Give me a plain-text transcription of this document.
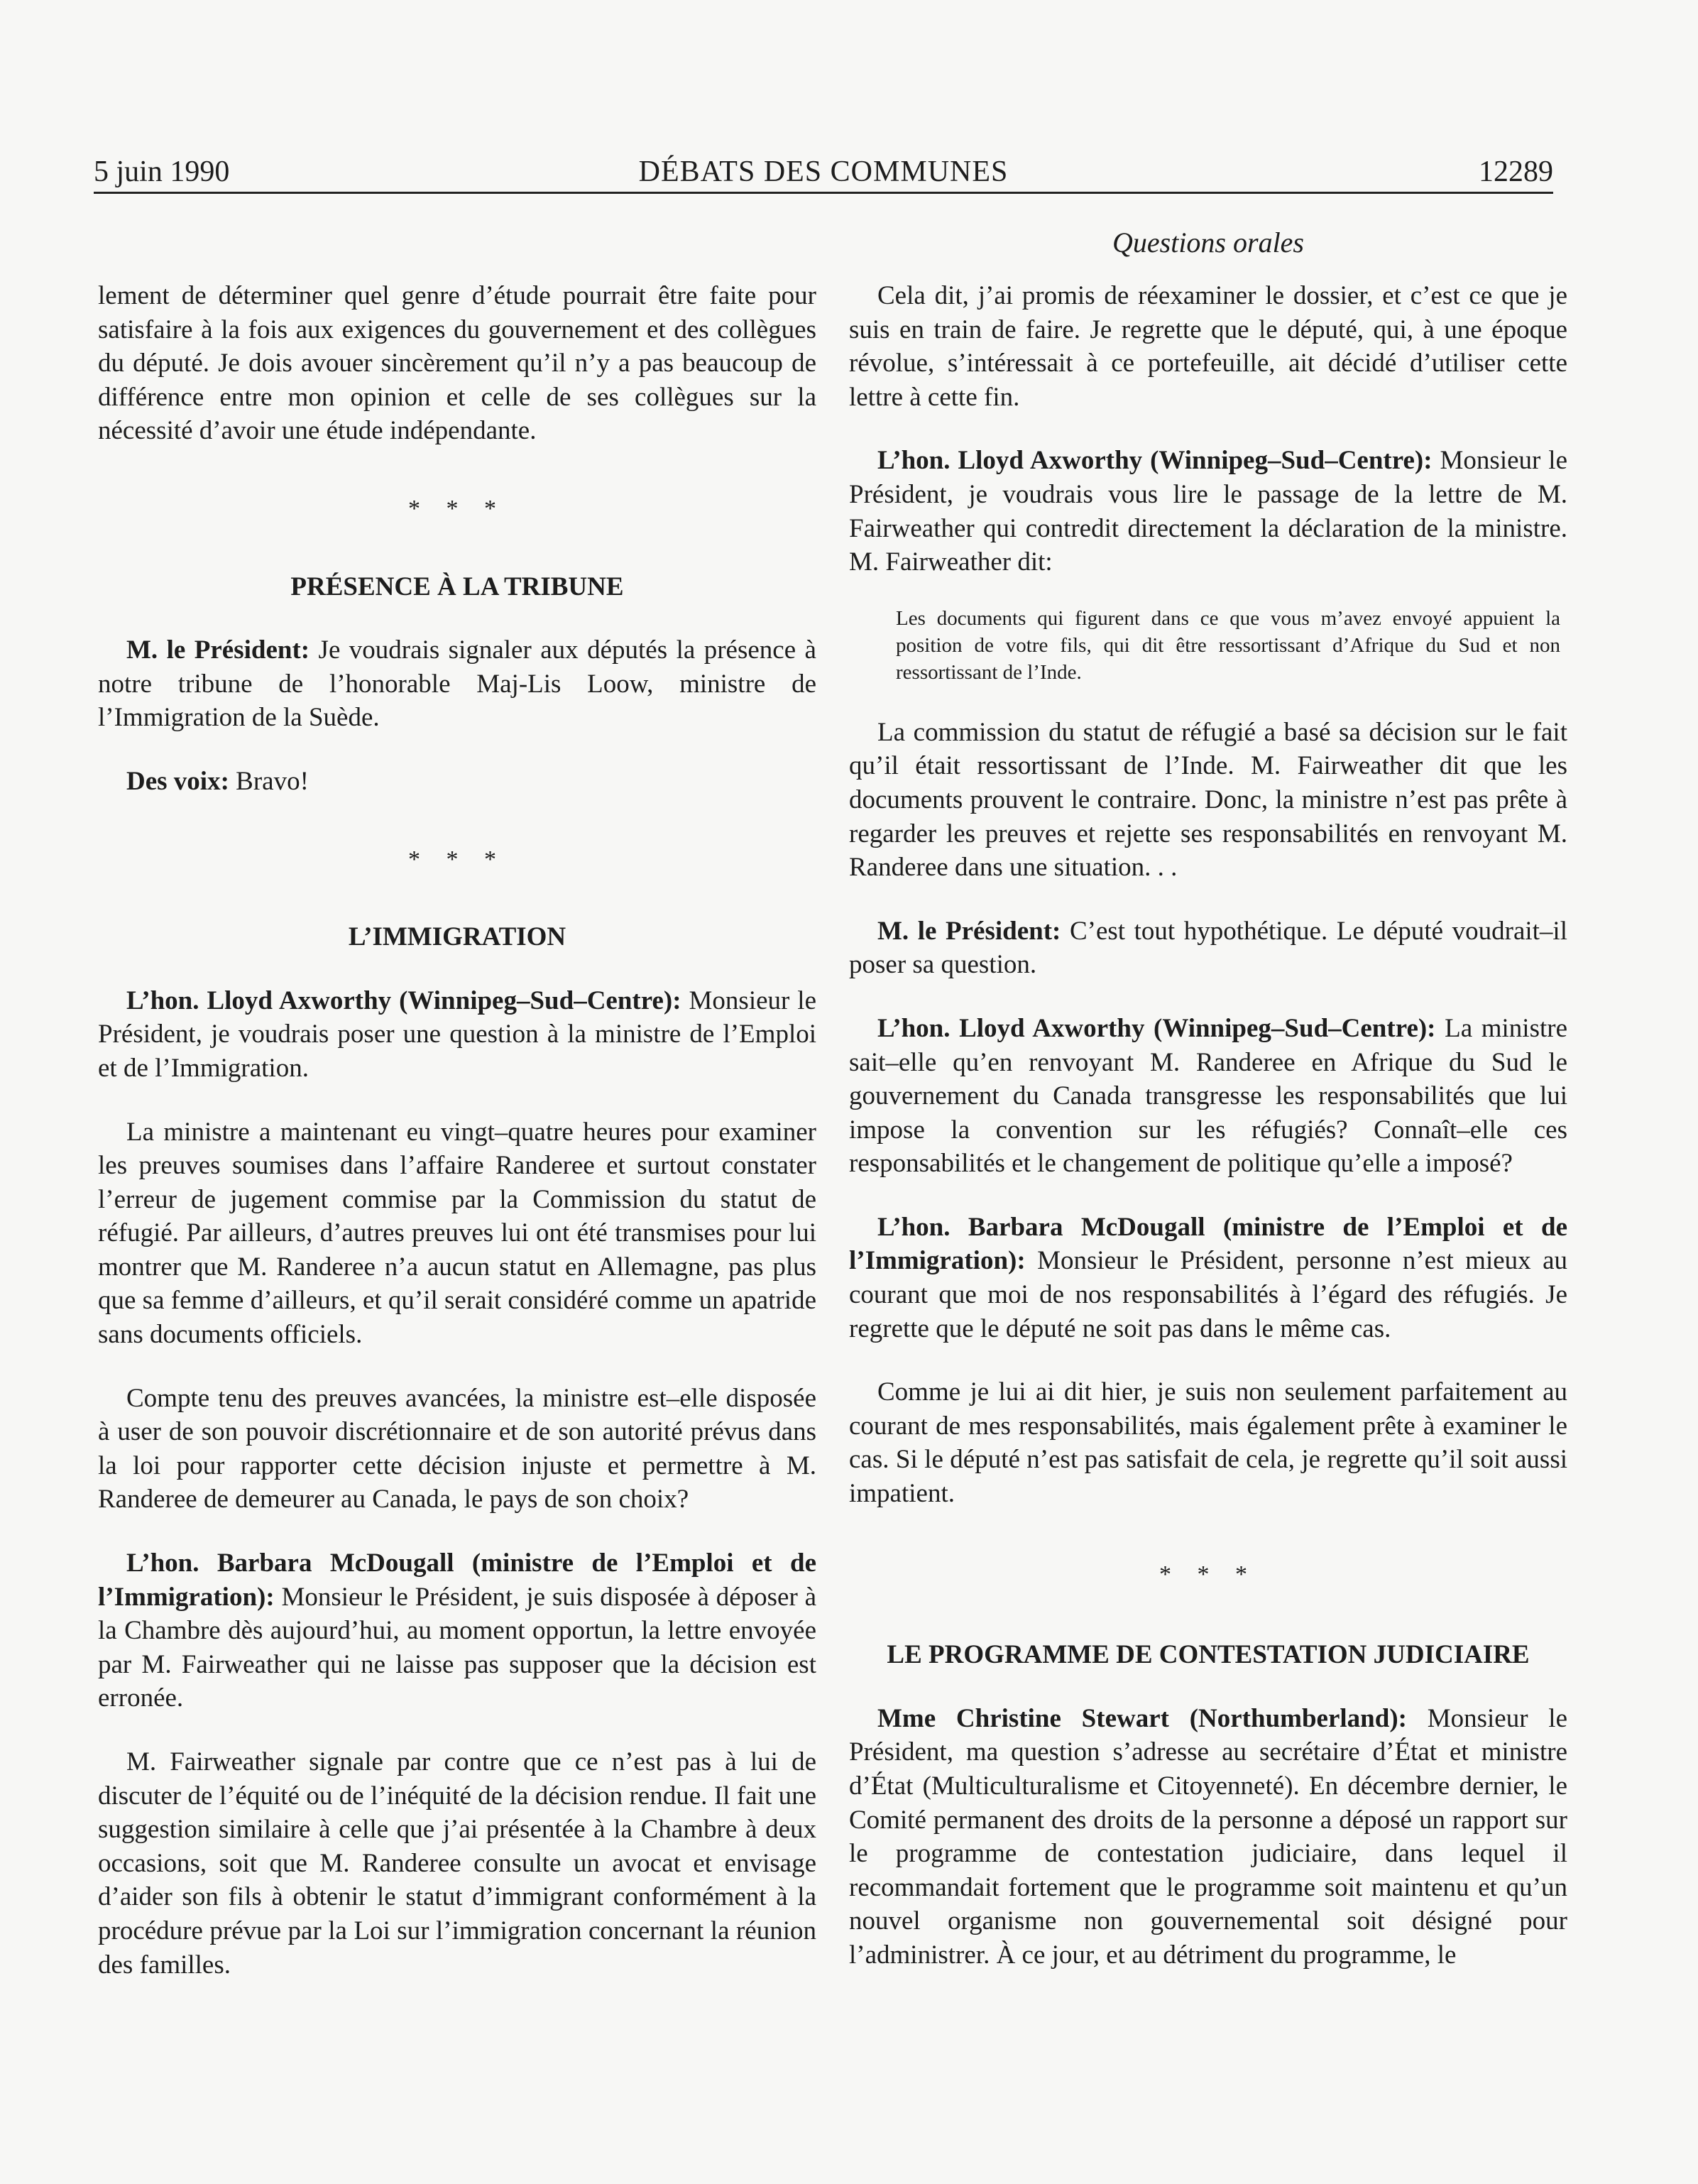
5 juin 1990	DÉBATS DES COMMUNES	12289
Questions orales

lement de déterminer quel genre d’étude pourrait être faite pour satisfaire à la fois aux exigences du gouvernement et des collègues du député. Je dois avouer sincèrement qu’il n’y a pas beaucoup de différence entre mon opinion et celle de ses collègues sur la nécessité d’avoir une étude indépendante.

* * *

PRÉSENCE À LA TRIBUNE

M. le Président: Je voudrais signaler aux députés la présence à notre tribune de l’honorable Maj-Lis Loow, ministre de l’Immigration de la Suède.

Des voix: Bravo!

* * *

L’IMMIGRATION

L’hon. Lloyd Axworthy (Winnipeg–Sud–Centre): Monsieur le Président, je voudrais poser une question à la ministre de l’Emploi et de l’Immigration.

La ministre a maintenant eu vingt–quatre heures pour examiner les preuves soumises dans l’affaire Randeree et surtout constater l’erreur de jugement commise par la Commission du statut de réfugié. Par ailleurs, d’autres preuves lui ont été transmises pour lui montrer que M. Randeree n’a aucun statut en Allemagne, pas plus que sa femme d’ailleurs, et qu’il serait considéré comme un apatride sans documents officiels.

Compte tenu des preuves avancées, la ministre est–elle disposée à user de son pouvoir discrétionnaire et de son autorité prévus dans la loi pour rapporter cette décision injuste et permettre à M. Randeree de demeurer au Canada, le pays de son choix?

L’hon. Barbara McDougall (ministre de l’Emploi et de l’Immigration): Monsieur le Président, je suis disposée à déposer à la Chambre dès aujourd’hui, au moment opportun, la lettre envoyée par M. Fairweather qui ne laisse pas supposer que la décision est erronée.

M. Fairweather signale par contre que ce n’est pas à lui de discuter de l’équité ou de l’inéquité de la décision rendue. Il fait une suggestion similaire à celle que j’ai présentée à la Chambre à deux occasions, soit que M. Randeree consulte un avocat et envisage d’aider son fils à obtenir le statut d’immigrant conformément à la procédure prévue par la Loi sur l’immigration concernant la réunion des familles.

Cela dit, j’ai promis de réexaminer le dossier, et c’est ce que je suis en train de faire. Je regrette que le député, qui, à une époque révolue, s’intéressait à ce portefeuille, ait décidé d’utiliser cette lettre à cette fin.

L’hon. Lloyd Axworthy (Winnipeg–Sud–Centre): Monsieur le Président, je voudrais vous lire le passage de la lettre de M. Fairweather qui contredit directement la déclaration de la ministre. M. Fairweather dit:

Les documents qui figurent dans ce que vous m’avez envoyé appuient la position de votre fils, qui dit être ressortissant d’Afrique du Sud et non ressortissant de l’Inde.

La commission du statut de réfugié a basé sa décision sur le fait qu’il était ressortissant de l’Inde. M. Fairweather dit que les documents prouvent le contraire. Donc, la ministre n’est pas prête à regarder les preuves et rejette ses responsabilités en renvoyant M. Randeree dans une situation. . .

M. le Président: C’est tout hypothétique. Le député voudrait–il poser sa question.

L’hon. Lloyd Axworthy (Winnipeg–Sud–Centre): La ministre sait–elle qu’en renvoyant M. Randeree en Afrique du Sud le gouvernement du Canada transgresse les responsabilités que lui impose la convention sur les réfugiés? Connaît–elle ces responsabilités et le changement de politique qu’elle a imposé?

L’hon. Barbara McDougall (ministre de l’Emploi et de l’Immigration): Monsieur le Président, personne n’est mieux au courant que moi de nos responsabilités à l’égard des réfugiés. Je regrette que le député ne soit pas dans le même cas.

Comme je lui ai dit hier, je suis non seulement parfaitement au courant de mes responsabilités, mais également prête à examiner le cas. Si le député n’est pas satisfait de cela, je regrette qu’il soit aussi impatient.

* * *

LE PROGRAMME DE CONTESTATION JUDICIAIRE

Mme Christine Stewart (Northumberland): Monsieur le Président, ma question s’adresse au secrétaire d’État et ministre d’État (Multiculturalisme et Citoyenneté). En décembre dernier, le Comité permanent des droits de la personne a déposé un rapport sur le programme de contestation judiciaire, dans lequel il recommandait fortement que le programme soit maintenu et qu’un nouvel organisme non gouvernemental soit désigné pour l’administrer. À ce jour, et au détriment du programme, le
